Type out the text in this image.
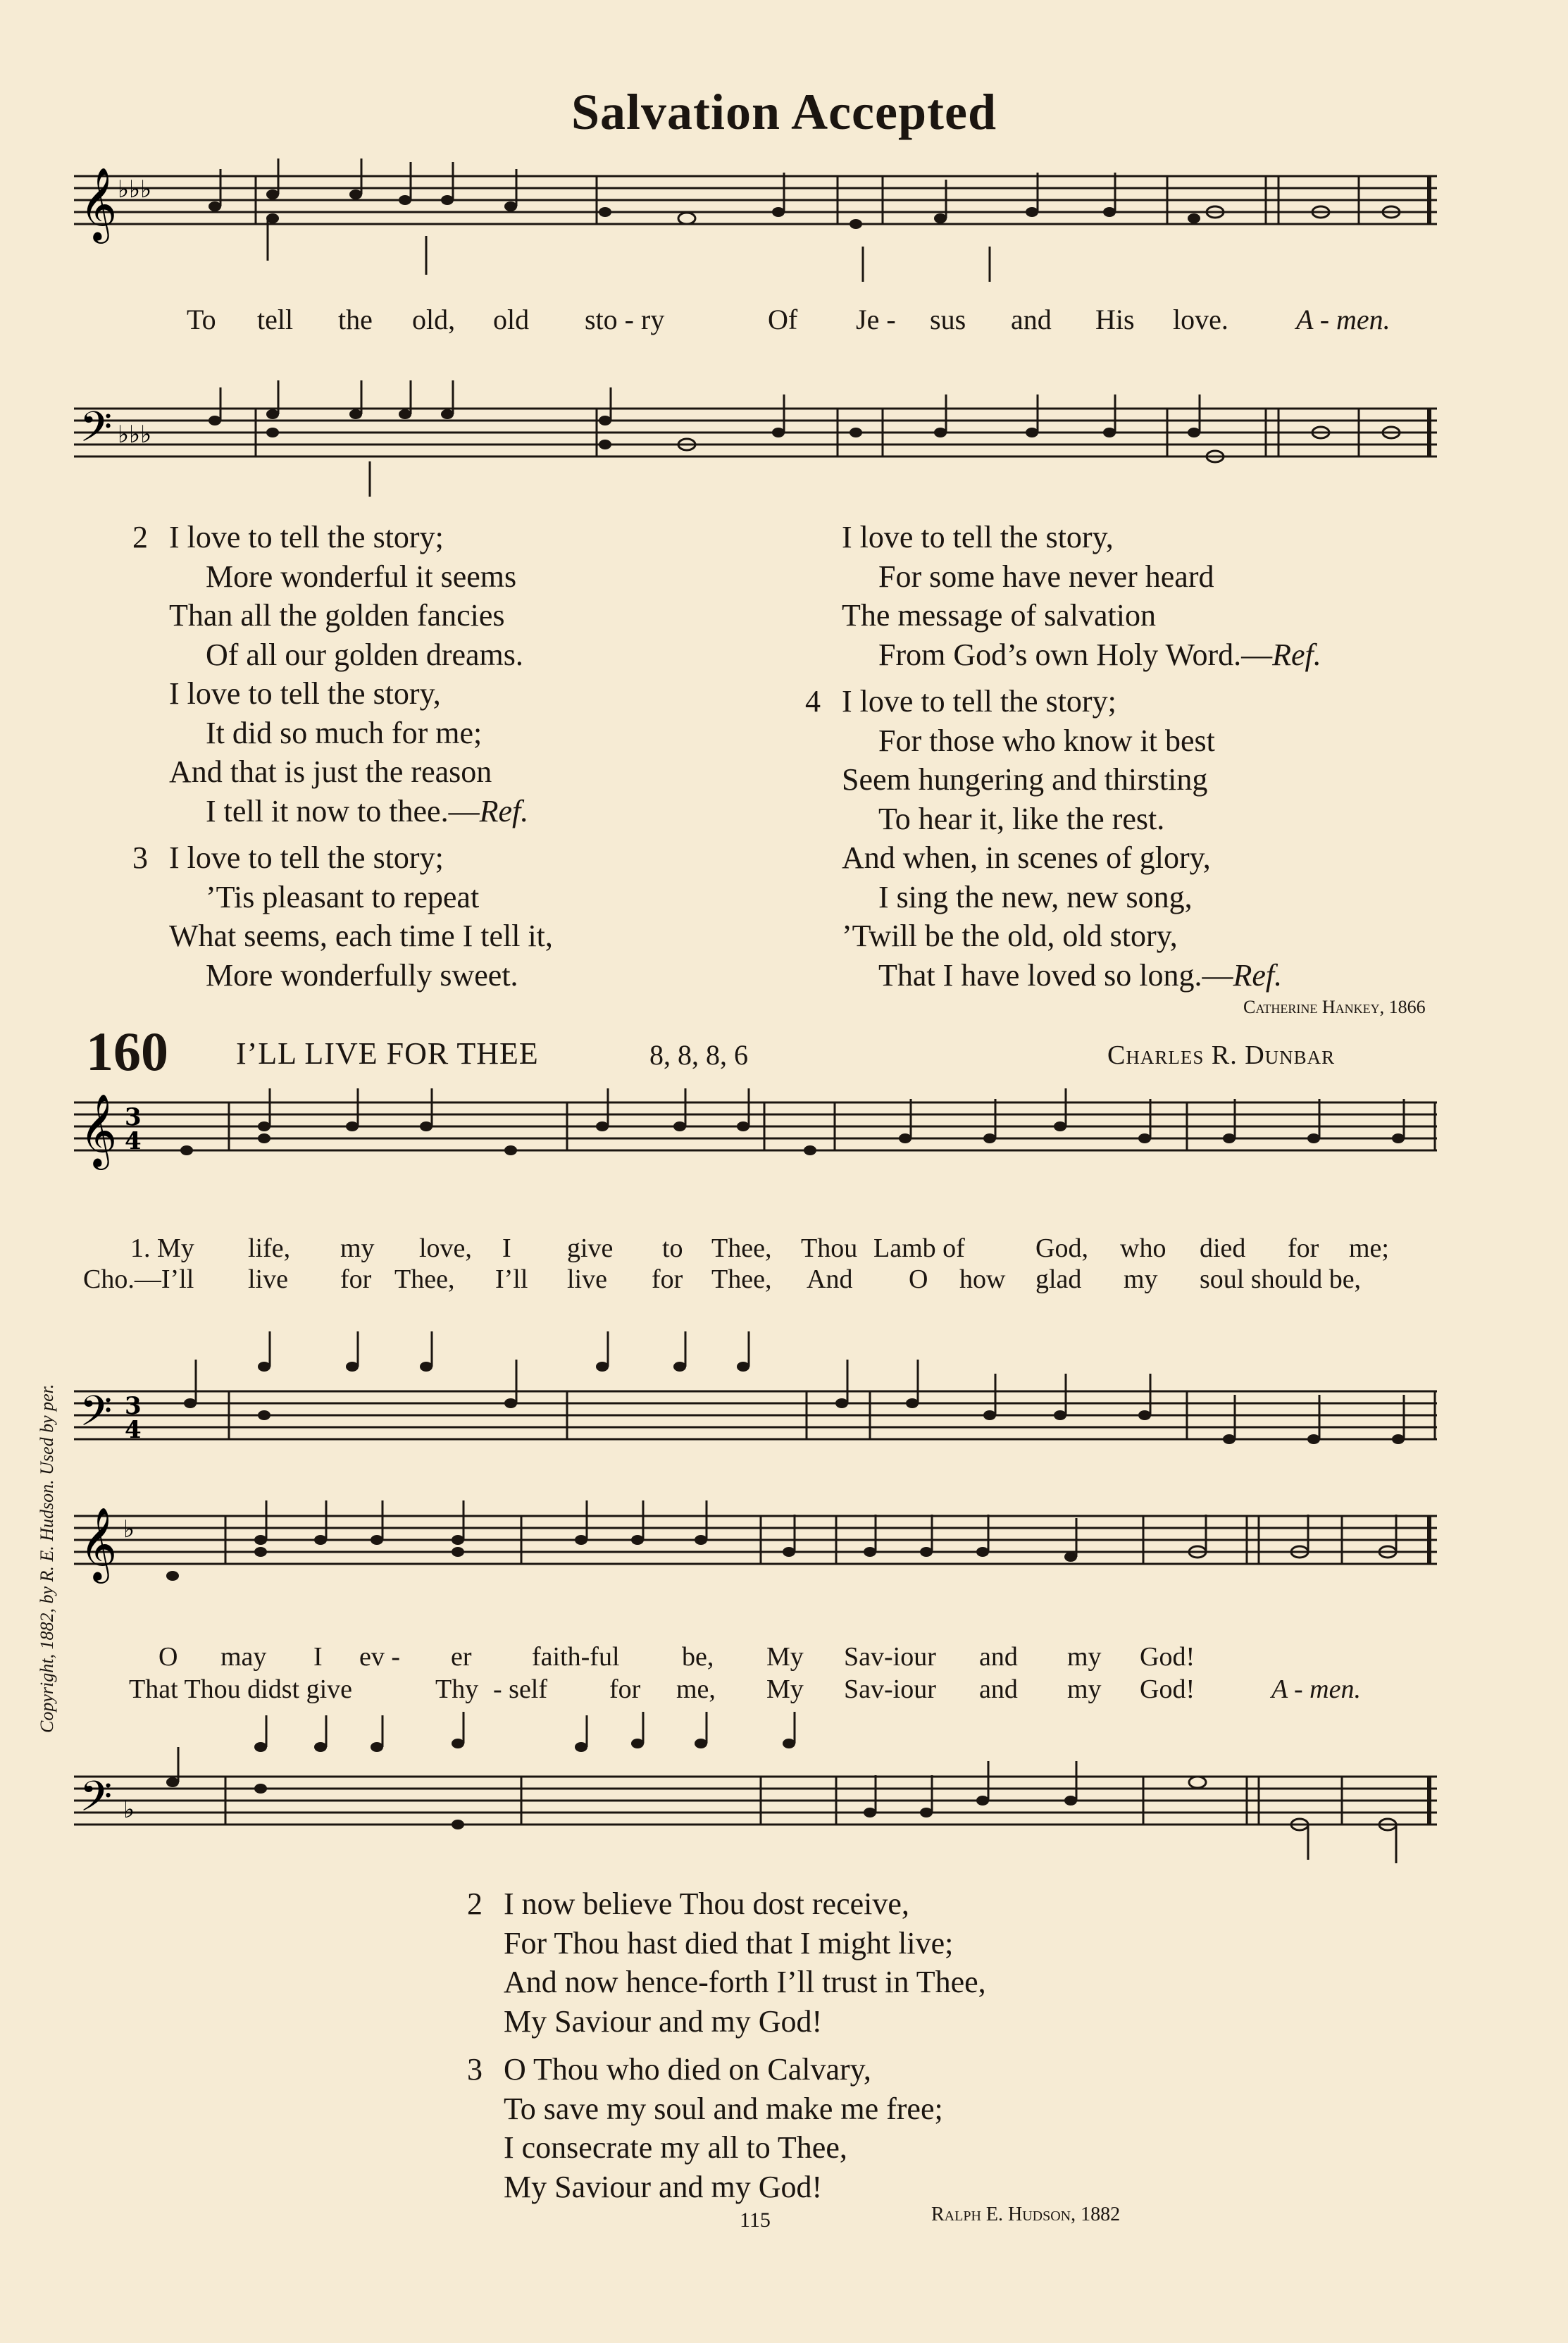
Salvation Accepted
𝄞 ♭♭♭
To tell the old, old sto - ry	Of Je - sus and His love. A - men.
𝄢 ♭♭♭
2 I love to tell the story;
More wonderful it seems
Than all the golden fancies
Of all our golden dreams.
I love to tell the story,
It did so much for me;
And that is just the reason
I tell it now to thee.—Ref.
3 I love to tell the story;
’Tis pleasant to repeat
What seems, each time I tell it,
More wonderfully sweet.
I love to tell the story,
For some have never heard
The message of salvation
From God’s own Holy Word.—Ref.
4 I love to tell the story;
For those who know it best
Seem hungering and thirsting
To hear it, like the rest.
And when, in scenes of glory,
I sing the new, new song,
’Twill be the old, old story,
That I have loved so long.—Ref.
Catherine Hankey, 1866
160 I’LL LIVE FOR THEE	8, 8, 8, 6	Charles R. Dunbar
𝄞 3
4
1. My life, my love, I give to Thee, Thou Lamb of	God, who died for me;
Cho.—I’ll live for Thee, I’ll live for Thee, And O how glad my soul should be,
𝄢 3
4
𝄞 ♭
O may I ev - er faith-ful be, My Sav-iour and my God!
That Thou didst give	Thy - self for me, My Sav-iour and my God!	A - men.
𝄢 ♭
2 I now believe Thou dost receive,
For Thou hast died that I might live;
And now hence-forth I’ll trust in Thee,
My Saviour and my God!
3 O Thou who died on Calvary,
To save my soul and make me free;
I consecrate my all to Thee,
My Saviour and my God!
115	Ralph E. Hudson, 1882
Copyright, 1882, by R. E. Hudson. Used by per.
